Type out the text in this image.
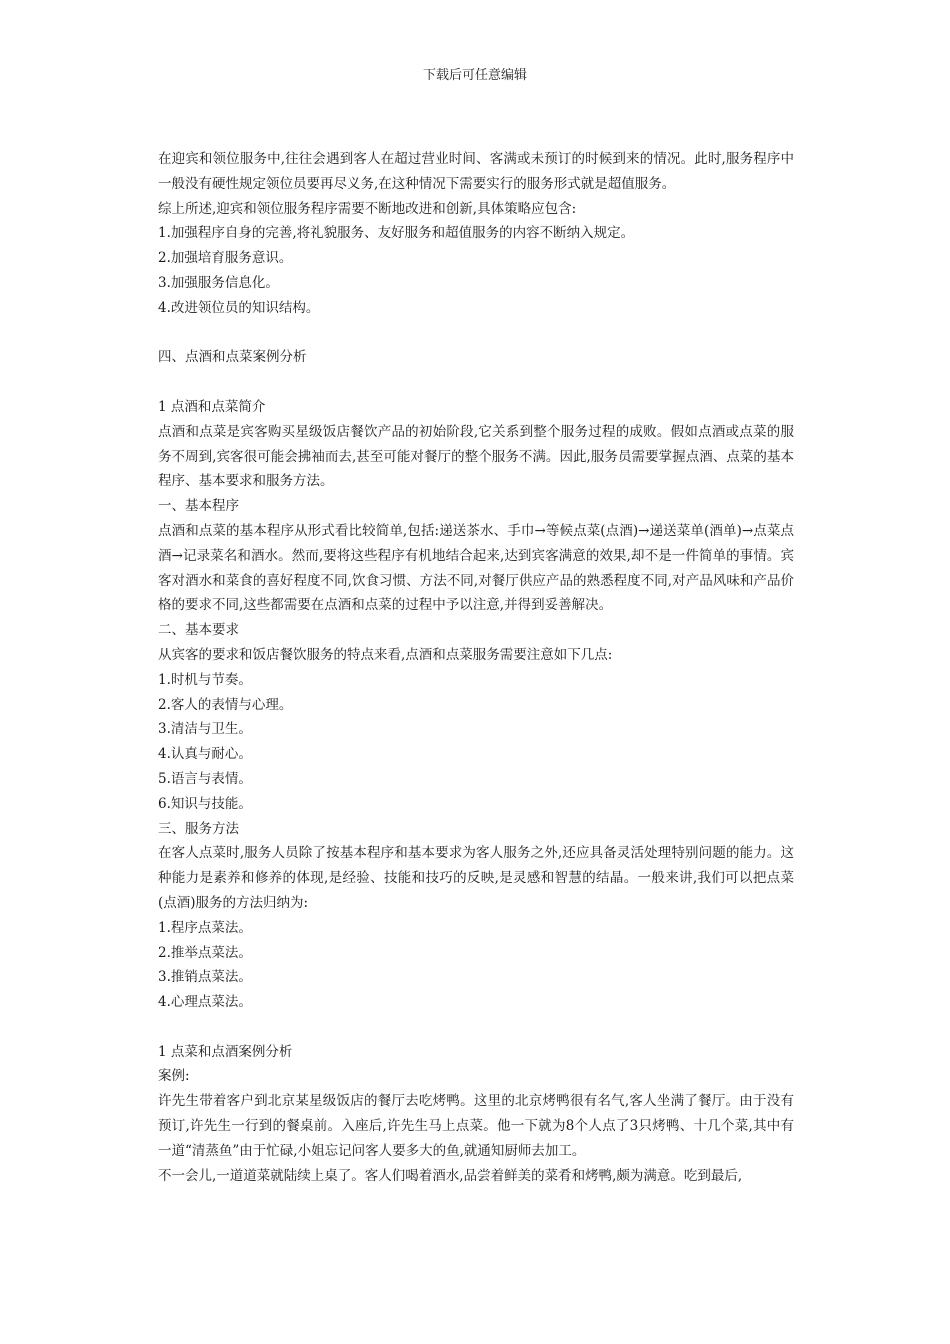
下载后可任意编辑

在迎宾和领位服务中,往往会遇到客人在超过营业时间、客满或未预订的时候到来的情况。此时,服务程序中一般没有硬性规定领位员要再尽义务,在这种情况下需要实行的服务形式就是超值服务。

综上所述,迎宾和领位服务程序需要不断地改进和创新,具体策略应包含:

1.加强程序自身的完善,将礼貌服务、友好服务和超值服务的内容不断纳入规定。

2.加强培育服务意识。

3.加强服务信息化。

4.改进领位员的知识结构。

四、点酒和点菜案例分析

1 点酒和点菜简介

点酒和点菜是宾客购买星级饭店餐饮产品的初始阶段,它关系到整个服务过程的成败。假如点酒或点菜的服务不周到,宾客很可能会拂袖而去,甚至可能对餐厅的整个服务不满。因此,服务员需要掌握点酒、点菜的基本程序、基本要求和服务方法。

一、基本程序

点酒和点菜的基本程序从形式看比较简单,包括:递送茶水、手巾→等候点菜(点酒)→递送菜单(酒单)→点菜点酒→记录菜名和酒水。然而,要将这些程序有机地结合起来,达到宾客满意的效果,却不是一件简单的事情。宾客对酒水和菜食的喜好程度不同,饮食习惯、方法不同,对餐厅供应产品的熟悉程度不同,对产品风味和产品价格的要求不同,这些都需要在点酒和点菜的过程中予以注意,并得到妥善解决。

二、基本要求

从宾客的要求和饭店餐饮服务的特点来看,点酒和点菜服务需要注意如下几点:

1.时机与节奏。

2.客人的表情与心理。

3.清洁与卫生。

4.认真与耐心。

5.语言与表情。

6.知识与技能。

三、服务方法

在客人点菜时,服务人员除了按基本程序和基本要求为客人服务之外,还应具备灵活处理特别问题的能力。这种能力是素养和修养的体现,是经验、技能和技巧的反映,是灵感和智慧的结晶。一般来讲,我们可以把点菜(点酒)服务的方法归纳为:

1.程序点菜法。

2.推举点菜法。

3.推销点菜法。

4.心理点菜法。

1 点菜和点酒案例分析

案例:

许先生带着客户到北京某星级饭店的餐厅去吃烤鸭。这里的北京烤鸭很有名气,客人坐满了餐厅。由于没有预订,许先生一行到的餐桌前。入座后,许先生马上点菜。他一下就为8个人点了3只烤鸭、十几个菜,其中有一道“清蒸鱼”由于忙碌,小姐忘记问客人要多大的鱼,就通知厨师去加工。

不一会儿,一道道菜就陆续上桌了。客人们喝着酒水,品尝着鲜美的菜肴和烤鸭,颇为满意。吃到最后,
